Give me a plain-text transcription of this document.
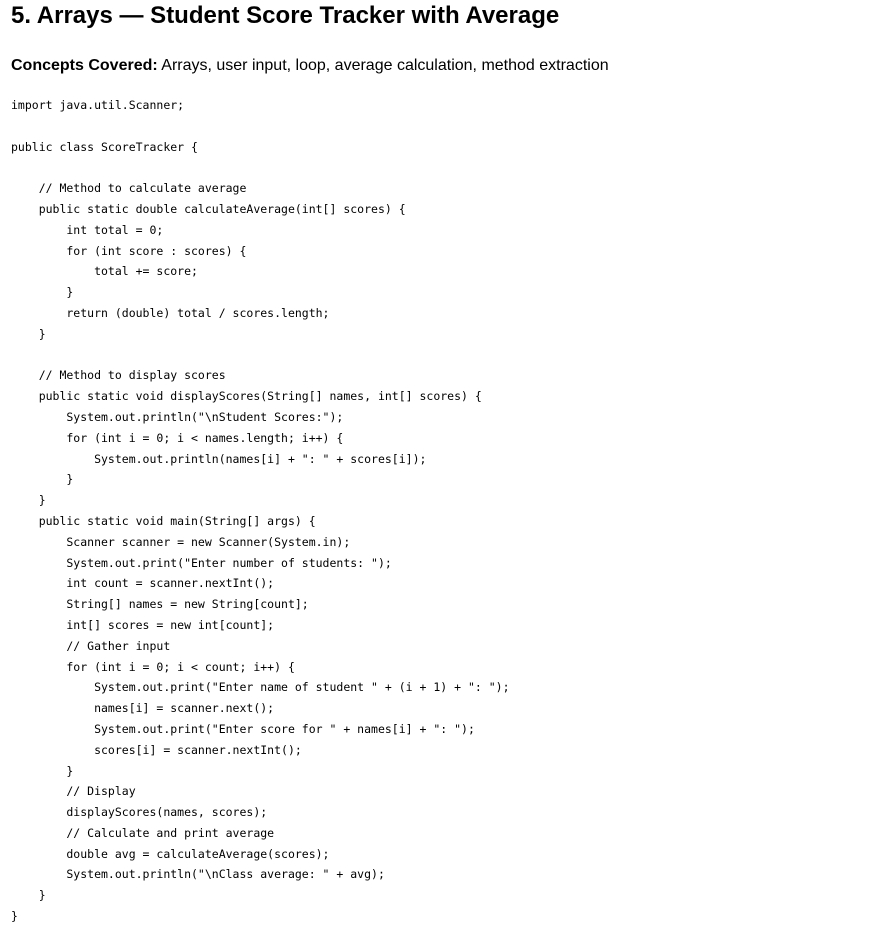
5. Arrays — Student Score Tracker with Average

Concepts Covered: Arrays, user input, loop, average calculation, method extraction

import java.util.Scanner;
public class ScoreTracker {
// Method to calculate average
public static double calculateAverage(int[] scores) {
int total = 0;
for (int score : scores) {
total += score;
}
return (double) total / scores.length;
}
// Method to display scores
public static void displayScores(String[] names, int[] scores) {
System.out.println("\nStudent Scores:");
for (int i = 0; i < names.length; i++) {
System.out.println(names[i] + ": " + scores[i]);
}
}
public static void main(String[] args) {
Scanner scanner = new Scanner(System.in);
System.out.print("Enter number of students: ");
int count = scanner.nextInt();
String[] names = new String[count];
int[] scores = new int[count];
// Gather input
for (int i = 0; i < count; i++) {
System.out.print("Enter name of student " + (i + 1) + ": ");
names[i] = scanner.next();
System.out.print("Enter score for " + names[i] + ": ");
scores[i] = scanner.nextInt();
}
// Display
displayScores(names, scores);
// Calculate and print average
double avg = calculateAverage(scores);
System.out.println("\nClass average: " + avg);
}
}
